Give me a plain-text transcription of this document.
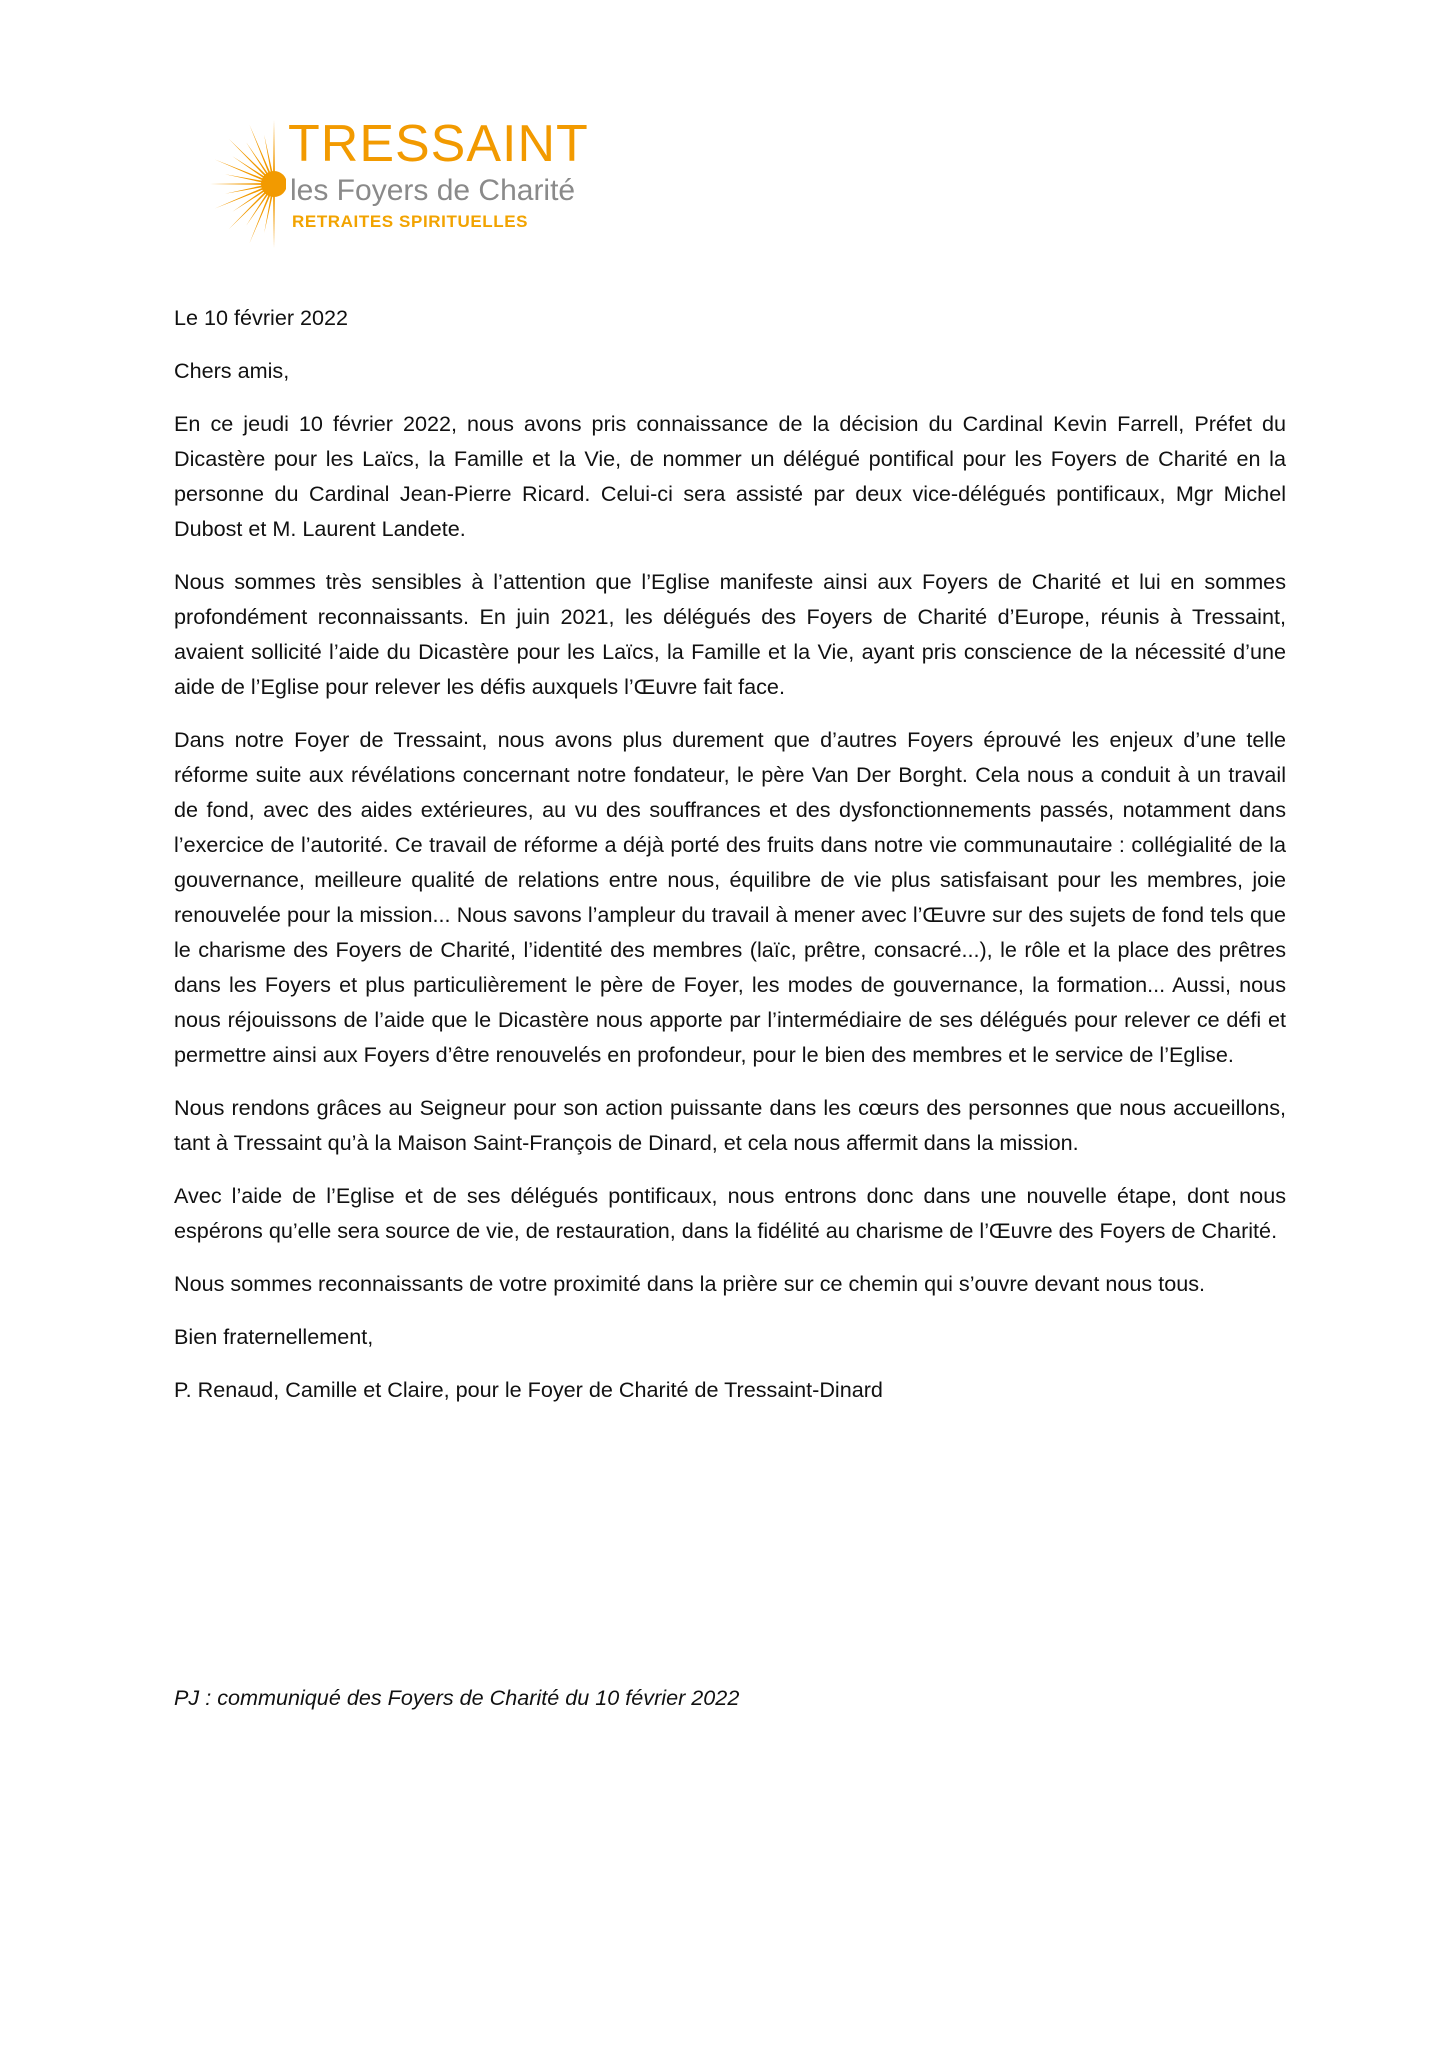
TRESSAINT
les Foyers de Charité
RETRAITES SPIRITUELLES

Le 10 février 2022

Chers amis,

En ce jeudi 10 février 2022, nous avons pris connaissance de la décision du Cardinal Kevin Farrell, Préfet du Dicastère pour les Laïcs, la Famille et la Vie, de nommer un délégué pontifical pour les Foyers de Charité en la personne du Cardinal Jean-Pierre Ricard. Celui-ci sera assisté par deux vice-délégués pontificaux, Mgr Michel Dubost et M. Laurent Landete.

Nous sommes très sensibles à l’attention que l’Eglise manifeste ainsi aux Foyers de Charité et lui en sommes profondément reconnaissants. En juin 2021, les délégués des Foyers de Charité d’Europe, réunis à Tressaint, avaient sollicité l’aide du Dicastère pour les Laïcs, la Famille et la Vie, ayant pris conscience de la nécessité d’une aide de l’Eglise pour relever les défis auxquels l’Œuvre fait face.

Dans notre Foyer de Tressaint, nous avons plus durement que d’autres Foyers éprouvé les enjeux d’une telle réforme suite aux révélations concernant notre fondateur, le père Van Der Borght. Cela nous a conduit à un travail de fond, avec des aides extérieures, au vu des souffrances et des dysfonctionnements passés, notamment dans l’exercice de l’autorité. Ce travail de réforme a déjà porté des fruits dans notre vie communautaire : collégialité de la gouvernance, meilleure qualité de relations entre nous, équilibre de vie plus satisfaisant pour les membres, joie renouvelée pour la mission... Nous savons l’ampleur du travail à mener avec l’Œuvre sur des sujets de fond tels que le charisme des Foyers de Charité, l’identité des membres (laïc, prêtre, consacré...), le rôle et la place des prêtres dans les Foyers et plus particulièrement le père de Foyer, les modes de gouvernance, la formation... Aussi, nous nous réjouissons de l’aide que le Dicastère nous apporte par l’intermédiaire de ses délégués pour relever ce défi et permettre ainsi aux Foyers d’être renouvelés en profondeur, pour le bien des membres et le service de l’Eglise.

Nous rendons grâces au Seigneur pour son action puissante dans les cœurs des personnes que nous accueillons, tant à Tressaint qu’à la Maison Saint-François de Dinard, et cela nous affermit dans la mission.

Avec l’aide de l’Eglise et de ses délégués pontificaux, nous entrons donc dans une nouvelle étape, dont nous espérons qu’elle sera source de vie, de restauration, dans la fidélité au charisme de l’Œuvre des Foyers de Charité.

Nous sommes reconnaissants de votre proximité dans la prière sur ce chemin qui s’ouvre devant nous tous.

Bien fraternellement,

P. Renaud, Camille et Claire, pour le Foyer de Charité de Tressaint-Dinard

PJ : communiqué des Foyers de Charité du 10 février 2022
